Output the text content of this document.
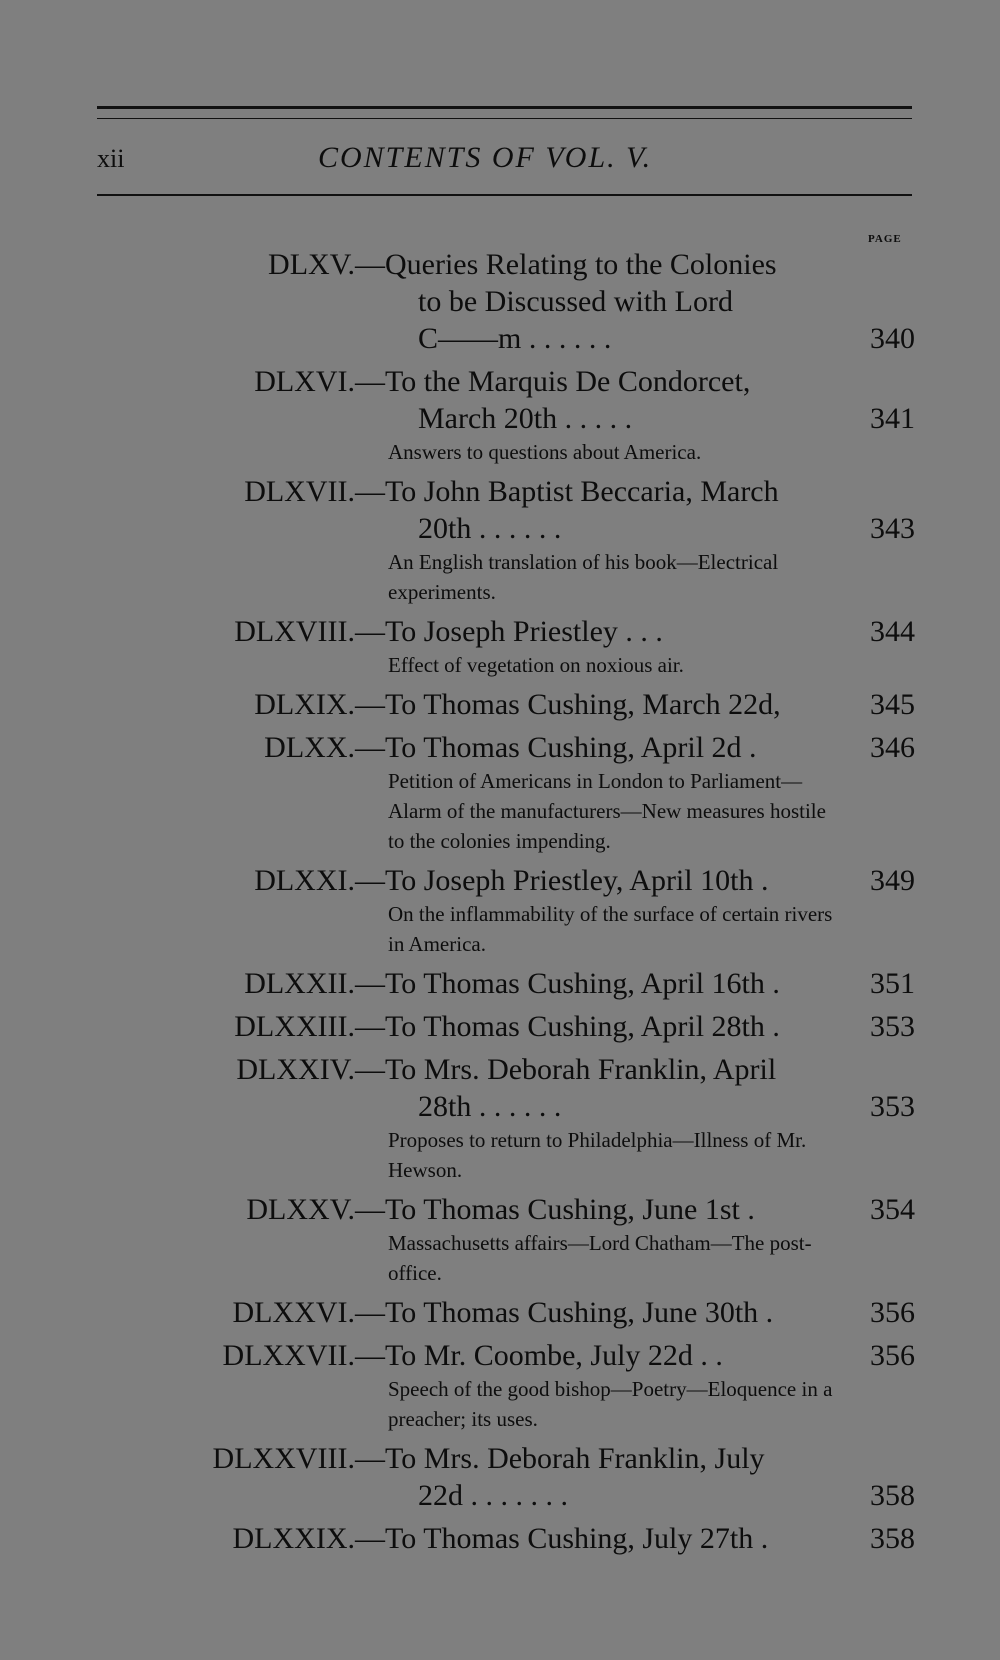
xii	CONTENTS OF VOL. V.
PAGE
DLXV. —Queries Relating to the Colonies
to be Discussed with Lord
C——m . . . . . .	340
DLXVI. —To the Marquis De Condorcet,
March 20th . . . . .	341
Answers to questions about America.
DLXVII. —To John Baptist Beccaria, March
20th . . . . . .	343
An English translation of his book—Electrical experiments.
DLXVIII. —To Joseph Priestley . . .	344
Effect of vegetation on noxious air.
DLXIX. —To Thomas Cushing, March 22d,	345
DLXX. —To Thomas Cushing, April 2d .	346
Petition of Americans in London to Parliament—Alarm of the manufacturers—New measures hostile to the colonies impending.
DLXXI. —To Joseph Priestley, April 10th .	349
On the inflammability of the surface of certain rivers in America.
DLXXII. —To Thomas Cushing, April 16th .	351
DLXXIII. —To Thomas Cushing, April 28th .	353
DLXXIV. —To Mrs. Deborah Franklin, April
28th . . . . . .	353
Proposes to return to Philadelphia—Illness of Mr. Hewson.
DLXXV. —To Thomas Cushing, June 1st .	354
Massachusetts affairs—Lord Chatham—The post-office.
DLXXVI. —To Thomas Cushing, June 30th .	356
DLXXVII. —To Mr. Coombe, July 22d . .	356
Speech of the good bishop—Poetry—Eloquence in a preacher; its uses.
DLXXVIII. —To Mrs. Deborah Franklin, July
22d . . . . . . .	358
DLXXIX. —To Thomas Cushing, July 27th .	358
